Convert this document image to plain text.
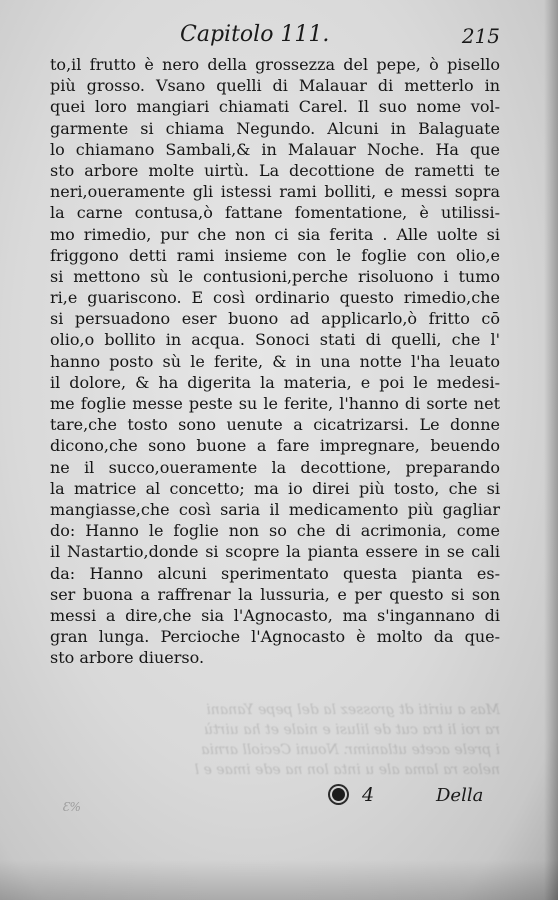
Capitolo 111.	215
to,il frutto è nero della grossezza del pepe, ò pisello
più grosso. Vsano quelli di Malauar di metterlo in
quei loro mangiari chiamati Carel. Il suo nome vol-
garmente si chiama Negundo. Alcuni in Balaguate
lo chiamano Sambali,& in Malauar Noche. Ha que
sto arbore molte uirtù. La decottione de rametti te
neri,oueramente gli istessi rami bolliti, e messi sopra
la carne contusa,ò fattane fomentatione, è utilissi-
mo rimedio, pur che non ci sia ferita . Alle uolte si
friggono detti rami insieme con le foglie con olio,e
si mettono sù le contusioni,perche risoluono i tumo
ri,e guariscono. E così ordinario questo rimedio,che
si persuadono eser buono ad applicarlo,ò fritto cō
olio,o bollito in acqua. Sonoci stati di quelli, che l'
hanno posto sù le ferite, & in una notte l'ha leuato
il dolore, & ha digerita la materia, e poi le medesi-
me foglie messe peste su le ferite, l'hanno di sorte net
tare,che tosto sono uenute a cicatrizarsi. Le donne
dicono,che sono buone a fare impregnare, beuendo
ne il succo,oueramente la decottione, preparando
la matrice al concetto; ma io direi più tosto, che si
mangiasse,che così saria il medicamento più gagliar
do: Hanno le foglie non so che di acrimonia, come
il Nastartio,donde si scopre la pianta essere in se cali
da: Hanno alcuni sperimentato questa pianta es-
ser buona a raffrenar la lussuria, e per questo si son
messi a dire,che sia l'Agnocasto, ma s'ingannano di
gran lunga. Percioche l'Agnocasto è molto da que-
sto arbore diuerso.
Mas a uiriti dt grossez la del pepe Yanani
ra roi li tra cut de lilusi e niale et ha uirtù
i prele acete utlanimr. Nouni Cecioll arnia
nelos ra lama ale u inta lon na ede imae e l
Ɛ%
4	Della
